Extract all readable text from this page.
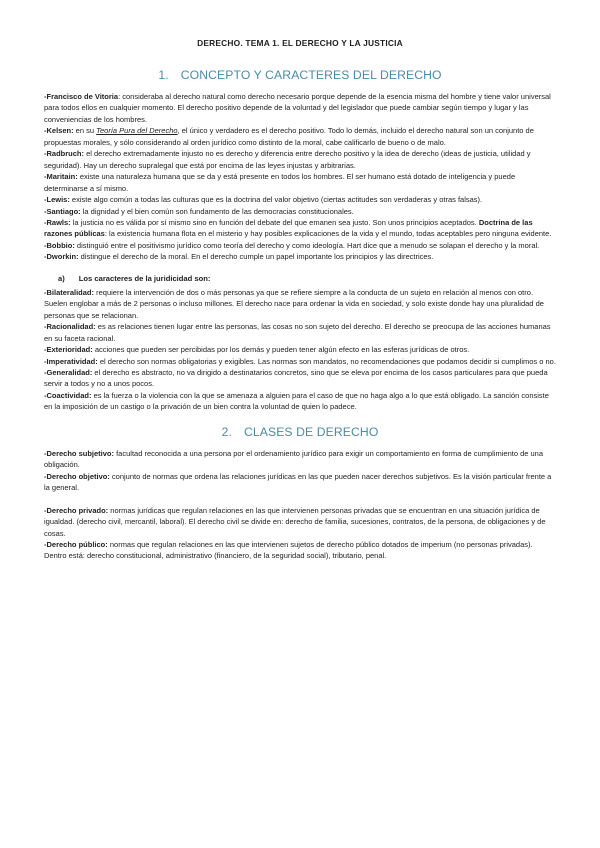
DERECHO. TEMA 1. EL DERECHO Y LA JUSTICIA
1. CONCEPTO Y CARACTERES DEL DERECHO

-Francisco de Vitoria: consideraba al derecho natural como derecho necesario porque depende de la esencia misma del hombre y tiene valor universal para todos ellos en cualquier momento. El derecho positivo depende de la voluntad y del legislador que puede cambiar según tiempo y lugar y las conveniencias de los hombres.

-Kelsen: en su Teoría Pura del Derecho, el único y verdadero es el derecho positivo. Todo lo demás, incluido el derecho natural son un conjunto de propuestas morales, y sólo considerando al orden jurídico como distinto de la moral, cabe calificarlo de bueno o de malo.

-Radbruch: el derecho extremadamente injusto no es derecho y diferencia entre derecho positivo y la idea de derecho (ideas de justicia, utilidad y seguridad). Hay un derecho supralegal que está por encima de las leyes injustas y arbitrarias.

-Maritain: existe una naturaleza humana que se da y está presente en todos los hombres. El ser humano está dotado de inteligencia y puede determinarse a sí mismo.

-Lewis: existe algo común a todas las culturas que es la doctrina del valor objetivo (ciertas actitudes son verdaderas y otras falsas).

-Santiago: la dignidad y el bien común son fundamento de las democracias constitucionales.

-Rawls: la justicia no es válida por sí mismo sino en función del debate del que emanen sea justo. Son unos principios aceptados. Doctrina de las razones públicas: la existencia humana flota en el misterio y hay posibles explicaciones de la vida y el mundo, todas aceptables pero ninguna evidente.

-Bobbio: distinguió entre el positivismo jurídico como teoría del derecho y como ideología. Hart dice que a menudo se solapan el derecho y la moral.

-Dworkin: distingue el derecho de la moral. En el derecho cumple un papel importante los principios y las directrices.

a) Los caracteres de la juridicidad son:

-Bilateralidad: requiere la intervención de dos o más personas ya que se refiere siempre a la conducta de un sujeto en relación al menos con otro. Suelen englobar a más de 2 personas o incluso millones. El derecho nace para ordenar la vida en sociedad, y solo existe donde hay una pluralidad de personas que se relacionan.

-Racionalidad: es as relaciones tienen lugar entre las personas, las cosas no son sujeto del derecho. El derecho se preocupa de las acciones humanas en su faceta racional.

-Exterioridad: acciones que pueden ser percibidas por los demás y pueden tener algún efecto en las esferas jurídicas de otros.

-Imperatividad: el derecho son normas obligatorias y exigibles. Las normas son mandatos, no recomendaciones que podamos decidir si cumplimos o no.

-Generalidad: el derecho es abstracto, no va dirigido a destinatarios concretos, sino que se eleva por encima de los casos particulares para que pueda servir a todos y no a unos pocos.

-Coactividad: es la fuerza o la violencia con la que se amenaza a alguien para el caso de que no haga algo a lo que está obligado. La sanción consiste en la imposición de un castigo o la privación de un bien contra la voluntad de quien lo padece.

2. CLASES DE DERECHO

-Derecho subjetivo: facultad reconocida a una persona por el ordenamiento jurídico para exigir un comportamiento en forma de cumplimiento de una obligación.

-Derecho objetivo: conjunto de normas que ordena las relaciones jurídicas en las que pueden nacer derechos subjetivos. Es la visión particular frente a la general.

-Derecho privado: normas jurídicas que regulan relaciones en las que intervienen personas privadas que se encuentran en una situación jurídica de igualdad. (derecho civil, mercantil, laboral). El derecho civil se divide en: derecho de familia, sucesiones, contratos, de la persona, de obligaciones y de cosas.

-Derecho público: normas que regulan relaciones en las que intervienen sujetos de derecho público dotados de imperium (no personas privadas). Dentro está: derecho constitucional, administrativo (financiero, de la seguridad social), tributario, penal.
